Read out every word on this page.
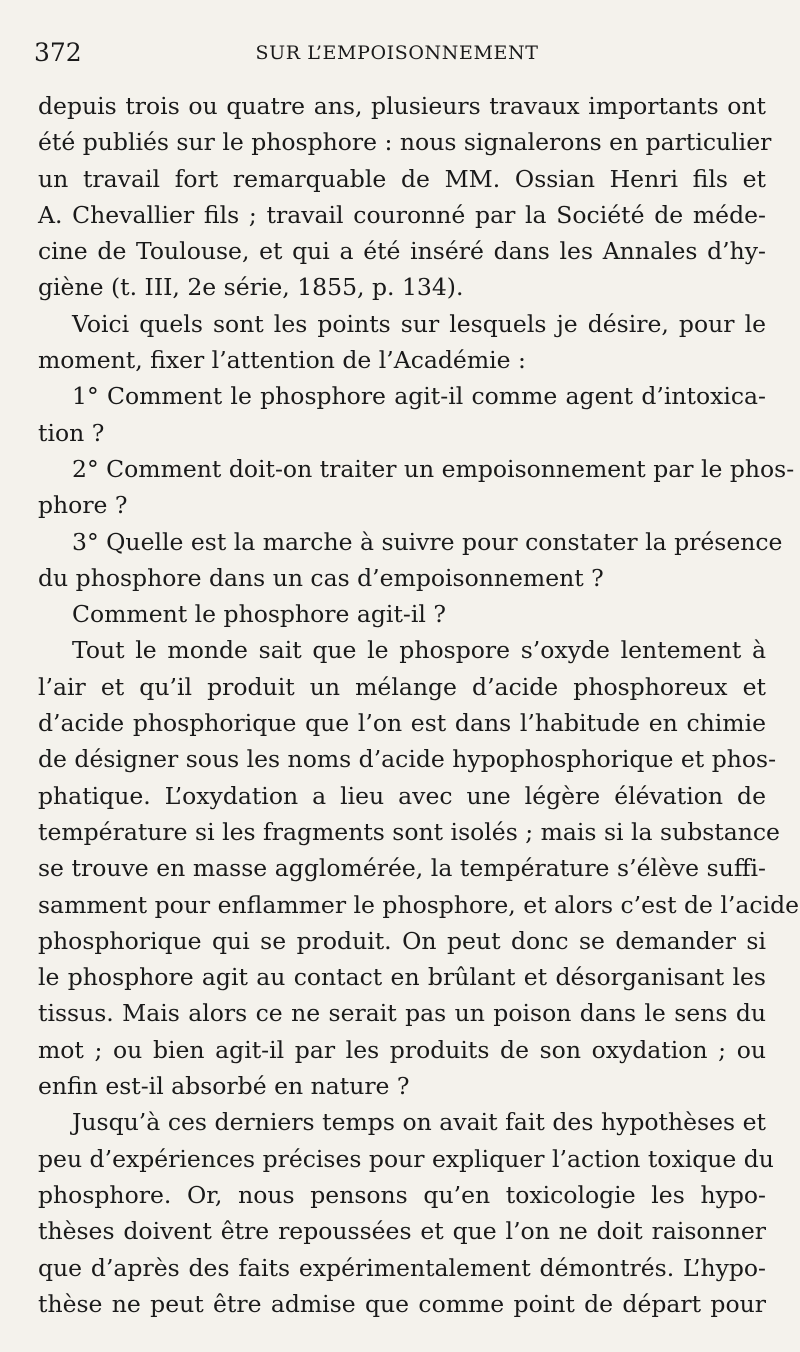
372	SUR L’EMPOISONNEMENT
depuis trois ou quatre ans, plusieurs travaux importants ont
été publiés sur le phosphore : nous signalerons en particulier
un travail fort remarquable de MM. Ossian Henri fils et
A. Chevallier fils ; travail couronné par la Société de méde-
cine de Toulouse, et qui a été inséré dans les Annales d’hy-
giène (t. III, 2e série, 1855, p. 134).
Voici quels sont les points sur lesquels je désire, pour le
moment, fixer l’attention de l’Académie :
1° Comment le phosphore agit-il comme agent d’intoxica-
tion ?
2° Comment doit-on traiter un empoisonnement par le phos-
phore ?
3° Quelle est la marche à suivre pour constater la présence
du phosphore dans un cas d’empoisonnement ?
Comment le phosphore agit-il ?
Tout le monde sait que le phospore s’oxyde lentement à
l’air et qu’il produit un mélange d’acide phosphoreux et
d’acide phosphorique que l’on est dans l’habitude en chimie
de désigner sous les noms d’acide hypophosphorique et phos-
phatique. L’oxydation a lieu avec une légère élévation de
température si les fragments sont isolés ; mais si la substance
se trouve en masse agglomérée, la température s’élève suffi-
samment pour enflammer le phosphore, et alors c’est de l’acide
phosphorique qui se produit. On peut donc se demander si
le phosphore agit au contact en brûlant et désorganisant les
tissus. Mais alors ce ne serait pas un poison dans le sens du
mot ; ou bien agit-il par les produits de son oxydation ; ou
enfin est-il absorbé en nature ?
Jusqu’à ces derniers temps on avait fait des hypothèses et
peu d’expériences précises pour expliquer l’action toxique du
phosphore. Or, nous pensons qu’en toxicologie les hypo-
thèses doivent être repoussées et que l’on ne doit raisonner
que d’après des faits expérimentalement démontrés. L’hypo-
thèse ne peut être admise que comme point de départ pour
